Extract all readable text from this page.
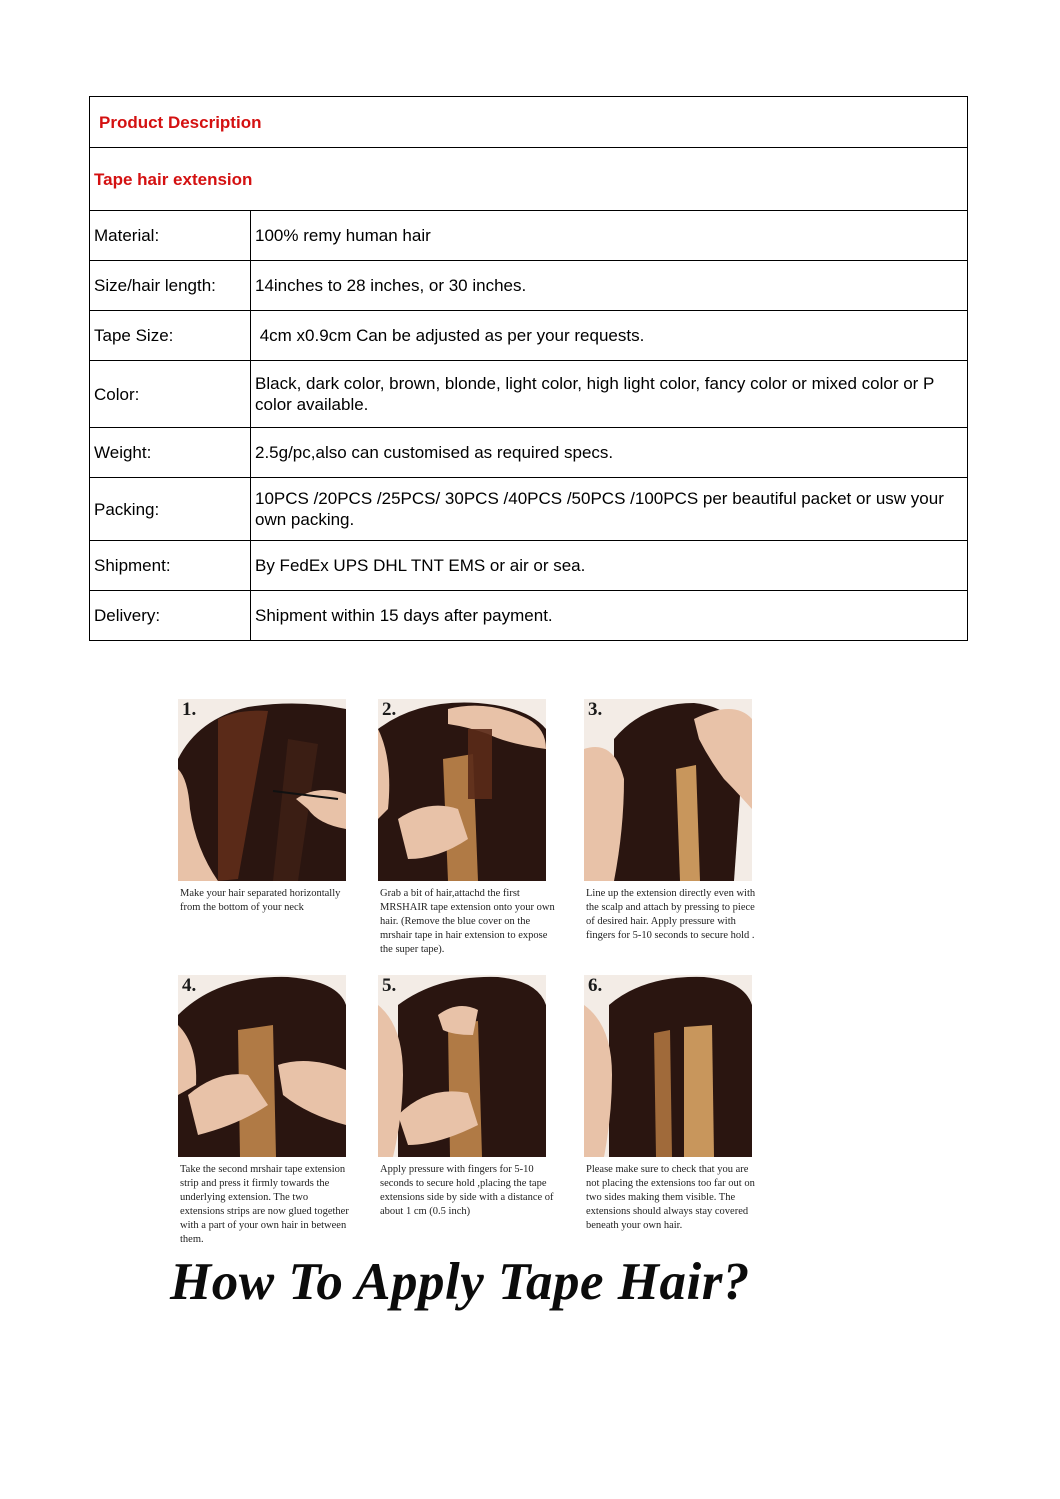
Product Description	
Tape hair extension	
Material:	100% remy human hair
Size/hair length:	14inches to 28 inches, or 30 inches.
Tape Size:	4cm x0.9cm Can be adjusted as per your requests.
Color:	Black, dark color, brown, blonde, light color, high light color, fancy color or mixed color or P color available.
Weight:	2.5g/pc,also can customised as required specs.
Packing:	10PCS /20PCS /25PCS/ 30PCS /40PCS /50PCS /100PCS per beautiful packet or usw your own packing.
Shipment:	By FedEx UPS DHL TNT EMS or air or sea.
Delivery:	Shipment within 15 days after payment.
1.
Make your hair separated horizontally from the bottom of your neck
2.
Grab a bit of hair,attachd the first MRSHAIR tape extension onto your own hair. (Remove the blue cover on the mrshair tape in hair extension to expose the super tape).
3.
Line up the extension directly even with the scalp and attach by pressing to piece of desired hair. Apply pressure with fingers for 5-10 seconds to secure hold .
4.
Take the second mrshair tape extension strip and press it firmly towards the underlying extension. The two extensions strips are now glued together with a part of your own hair in between them.
5.
Apply pressure with fingers for 5-10 seconds to secure hold ,placing the tape extensions side by side with a distance of about 1 cm (0.5 inch)
6.
Please make sure to check that you are not placing the extensions too far out on two sides making them visible. The extensions should always stay covered beneath your own hair.
How To Apply Tape Hair?
